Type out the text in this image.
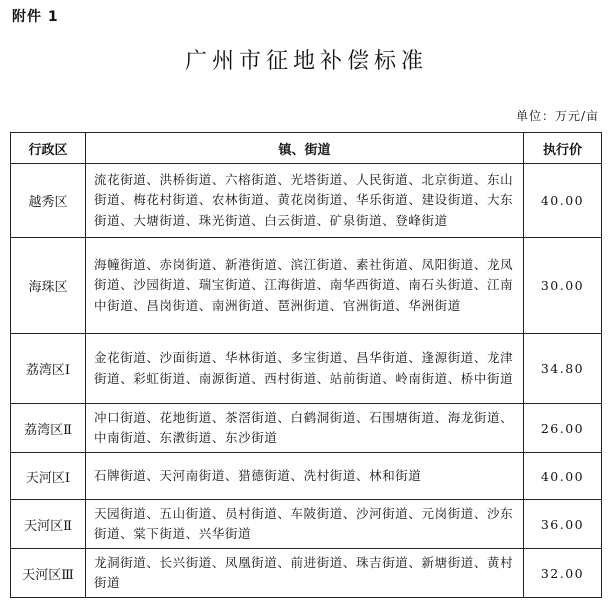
附件 1
广州市征地补偿标准
单位：万元/亩
行政区	镇、街道	执行价
越秀区	流花街道、洪桥街道、六榕街道、光塔街道、人民街道、北京街道、东山街道、梅花村街道、农林街道、黄花岗街道、华乐街道、建设街道、大东街道、大塘街道、珠光街道、白云街道、矿泉街道、登峰街道	40.00
海珠区	海幢街道、赤岗街道、新港街道、滨江街道、素社街道、凤阳街道、龙凤街道、沙园街道、瑞宝街道、江海街道、南华西街道、南石头街道、江南中街道、昌岗街道、南洲街道、琶洲街道、官洲街道、华洲街道	30.00
荔湾区Ⅰ	金花街道、沙面街道、华林街道、多宝街道、昌华街道、逢源街道、龙津街道、彩虹街道、南源街道、西村街道、站前街道、岭南街道、桥中街道	34.80
荔湾区Ⅱ	冲口街道、花地街道、茶滘街道、白鹤洞街道、石围塘街道、海龙街道、中南街道、东漖街道、东沙街道	26.00
天河区Ⅰ	石牌街道、天河南街道、猎德街道、冼村街道、林和街道	40.00
天河区Ⅱ	天园街道、五山街道、员村街道、车陂街道、沙河街道、元岗街道、沙东街道、棠下街道、兴华街道	36.00
天河区Ⅲ	龙洞街道、长兴街道、凤凰街道、前进街道、珠吉街道、新塘街道、黄村街道	32.00
